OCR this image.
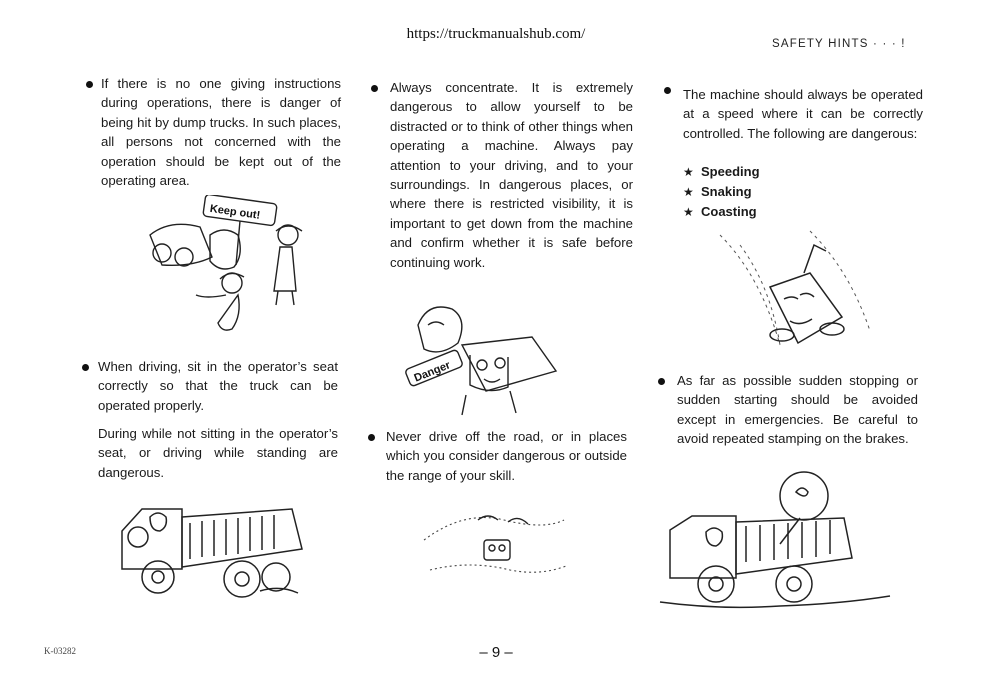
https://truckmanualshub.com/
SAFETY HINTS · · · !
If there is no one giving instructions during operations, there is danger of being hit by dump trucks. In such places, all persons not concerned with the operation should be kept out of the operating area.
Keep out!
When driving, sit in the operator’s seat correctly so that the truck can be operated properly.
During while not sitting in the operator’s seat, or driving while standing are dangerous.
Always concentrate. It is extremely dangerous to allow yourself to be distracted or to think of other things when operating a machine. Always pay attention to your driving, and to your surroundings. In dangerous places, or where there is restricted visibility, it is important to get down from the machine and confirm whether it is safe before continuing work.
Danger
Never drive off the road, or in places which you consider dangerous or outside the range of your skill.
The machine should always be operated at a speed where it can be correctly controlled. The following are dangerous:
★ Speeding
★ Snaking
★ Coasting
As far as possible sudden stopping or sudden starting should be avoided except in emergencies. Be careful to avoid repeated stamping on the brakes.
K-03282	– 9 –
